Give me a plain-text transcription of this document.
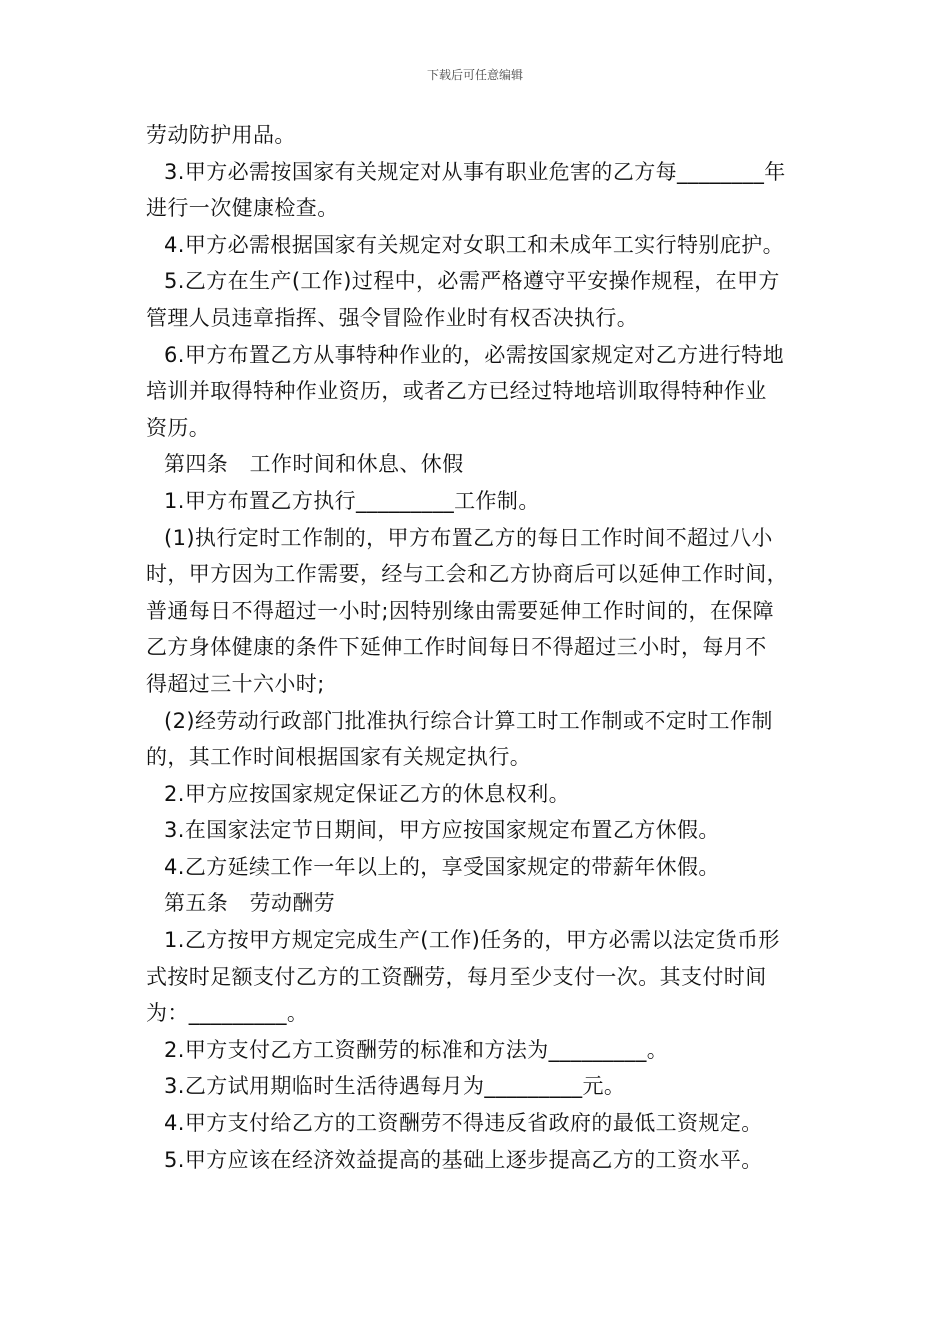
下载后可任意编辑
劳动防护用品。
3.甲方必需按国家有关规定对从事有职业危害的乙方每________年
进行一次健康检查。
4.甲方必需根据国家有关规定对女职工和未成年工实行特别庇护。
5.乙方在生产(工作)过程中，必需严格遵守平安操作规程，在甲方
管理人员违章指挥、强令冒险作业时有权否决执行。
6.甲方布置乙方从事特种作业的，必需按国家规定对乙方进行特地
培训并取得特种作业资历，或者乙方已经过特地培训取得特种作业
资历。
第四条　工作时间和休息、休假
1.甲方布置乙方执行_________工作制。
(1)执行定时工作制的，甲方布置乙方的每日工作时间不超过八小
时，甲方因为工作需要，经与工会和乙方协商后可以延伸工作时间，
普通每日不得超过一小时;因特别缘由需要延伸工作时间的，在保障
乙方身体健康的条件下延伸工作时间每日不得超过三小时，每月不
得超过三十六小时;
(2)经劳动行政部门批准执行综合计算工时工作制或不定时工作制
的，其工作时间根据国家有关规定执行。
2.甲方应按国家规定保证乙方的休息权利。
3.在国家法定节日期间，甲方应按国家规定布置乙方休假。
4.乙方延续工作一年以上的，享受国家规定的带薪年休假。
第五条　劳动酬劳
1.乙方按甲方规定完成生产(工作)任务的，甲方必需以法定货币形
式按时足额支付乙方的工资酬劳，每月至少支付一次。其支付时间
为：_________。
2.甲方支付乙方工资酬劳的标准和方法为_________。
3.乙方试用期临时生活待遇每月为_________元。
4.甲方支付给乙方的工资酬劳不得违反省政府的最低工资规定。
5.甲方应该在经济效益提高的基础上逐步提高乙方的工资水平。
